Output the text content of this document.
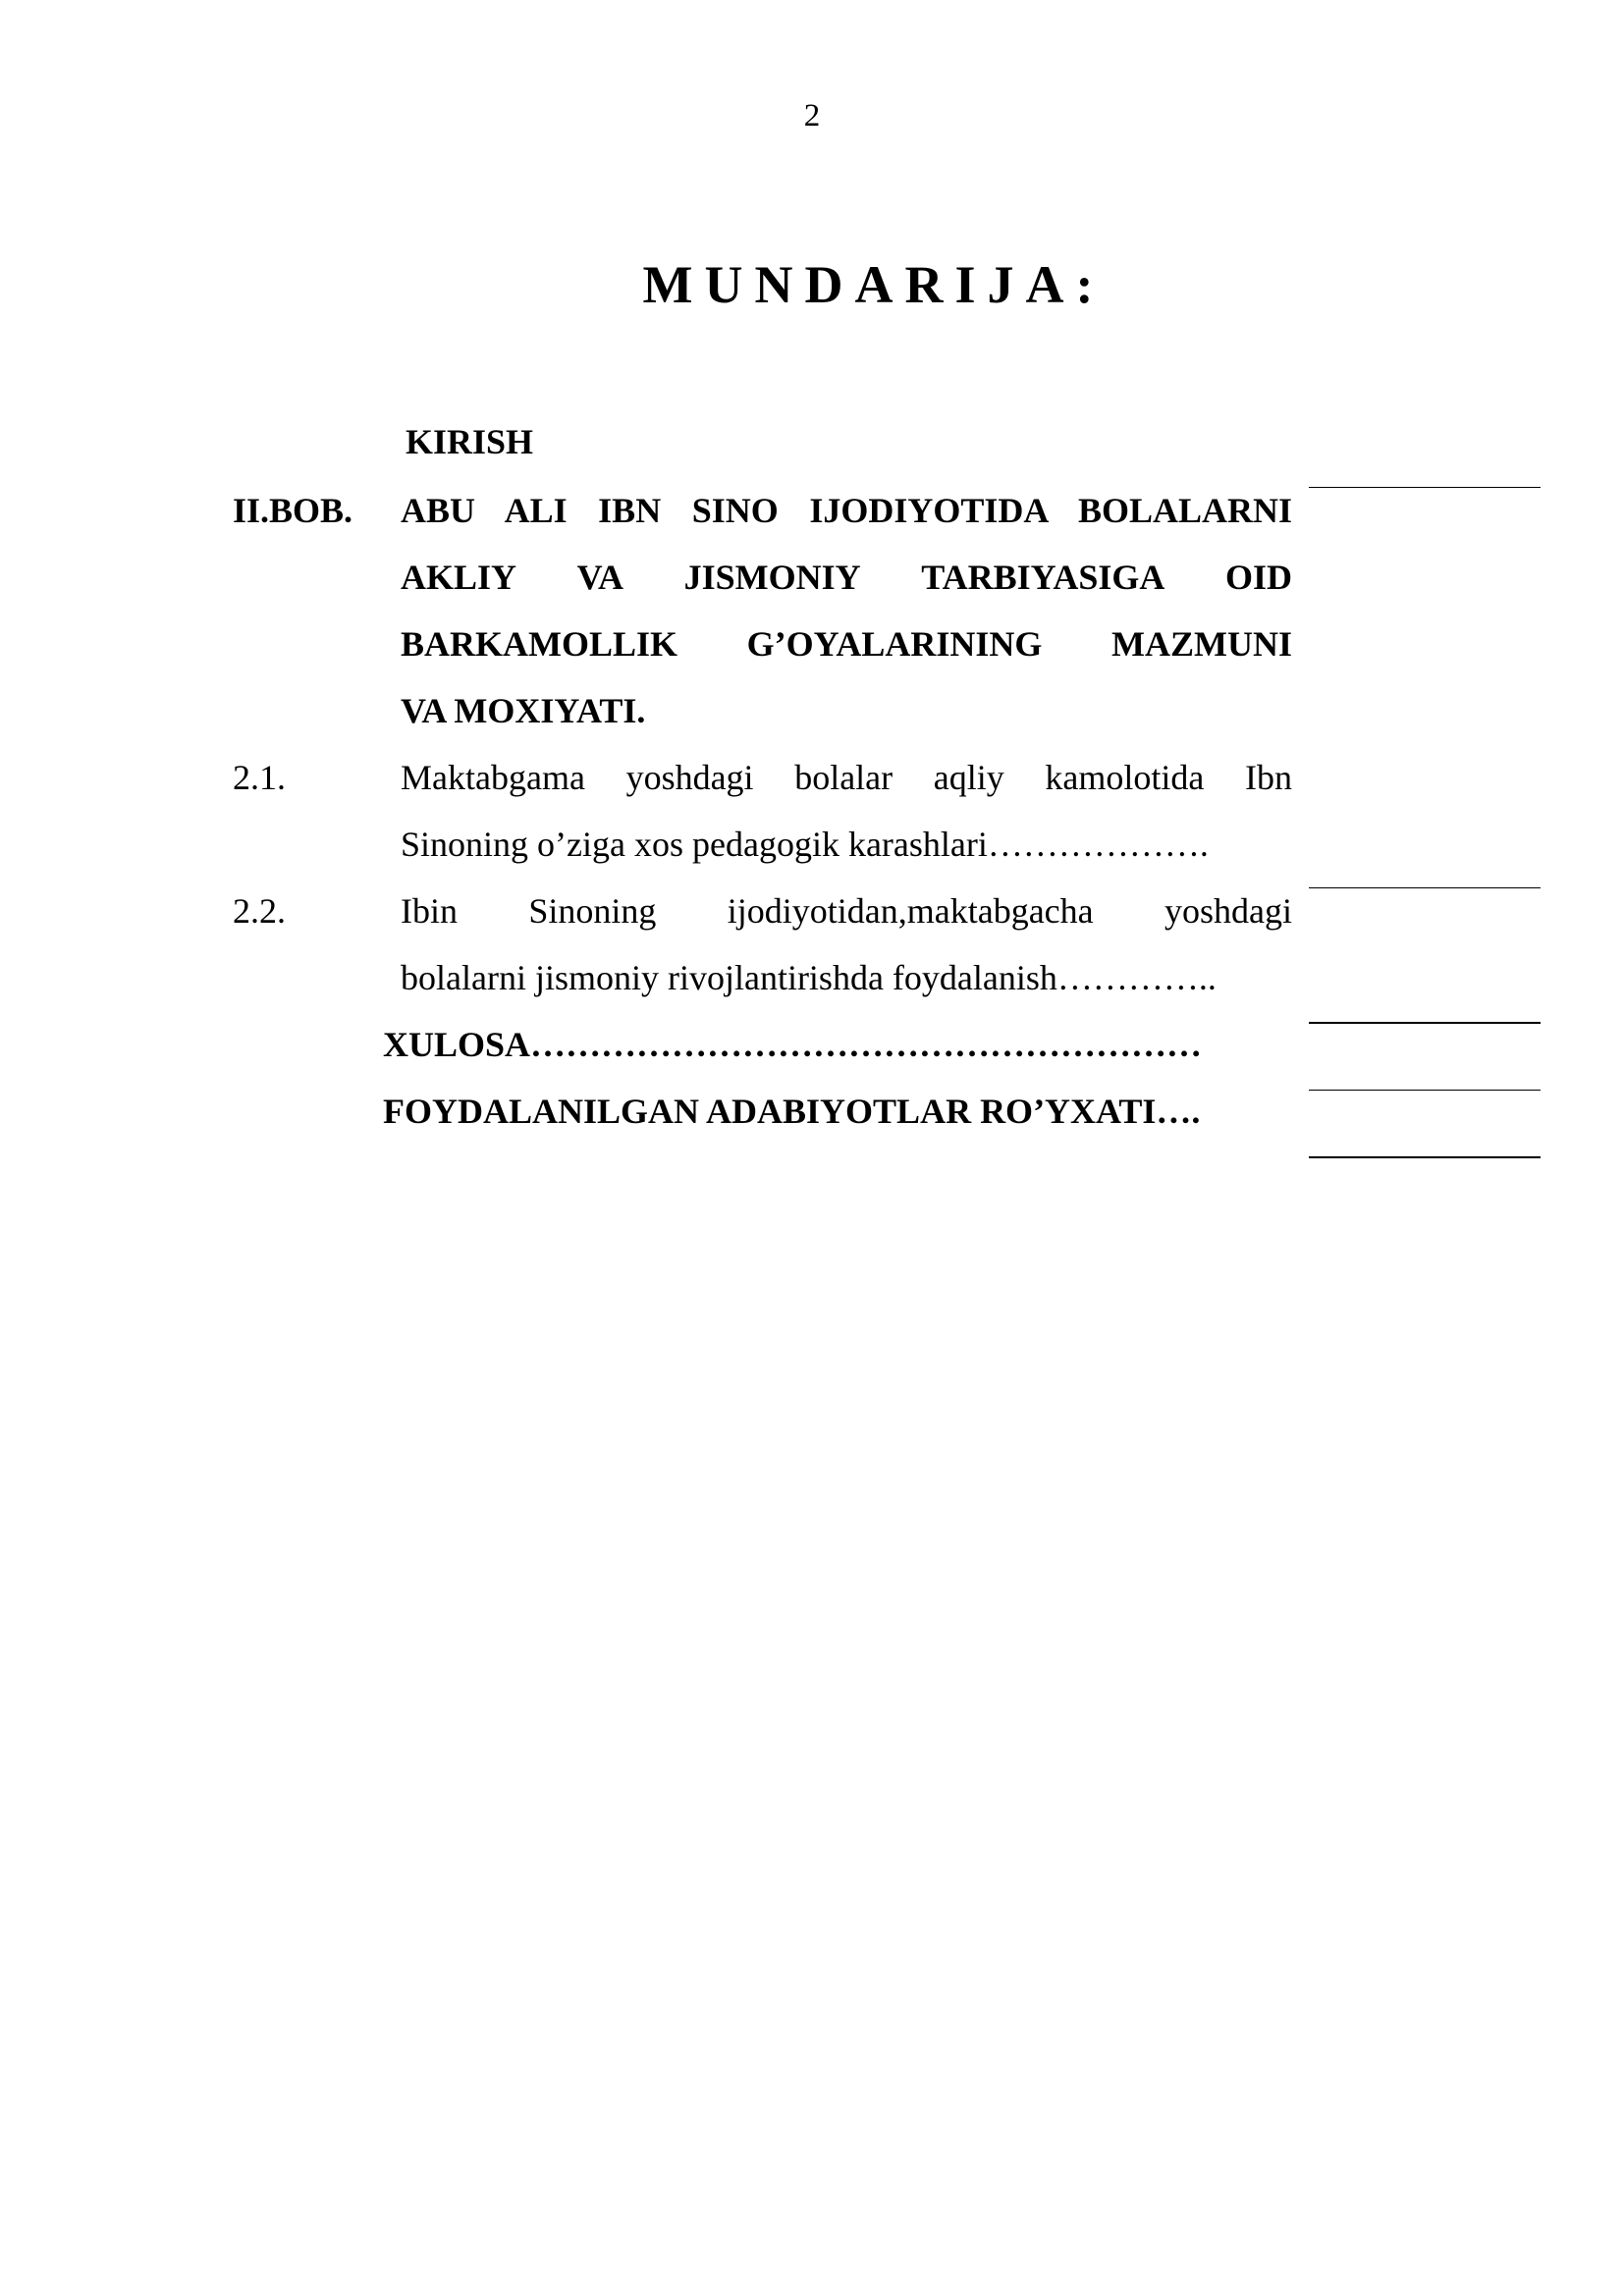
2
MUNDARIJA:
KIRISH
II.BOB. ABU ALI IBN SINO IJODIYOTIDA BOLALARNI
AKLIY VA JISMONIY TARBIYASIGA OID
BARKAMOLLIK G’OYALARINING MAZMUNI
VA MOXIYATI.
2.1.	Maktabgama yoshdagi bolalar aqliy kamolotida Ibn
Sinoning o’ziga xos pedagogik karashlari……………….
2.2.	Ibin Sinoning ijodiyotidan,maktabgacha yoshdagi
bolalarni jismoniy rivojlantirishda foydalanish…………..
XULOSA…………………………………………………
FOYDALANILGAN ADABIYOTLAR RO’YXATI….
